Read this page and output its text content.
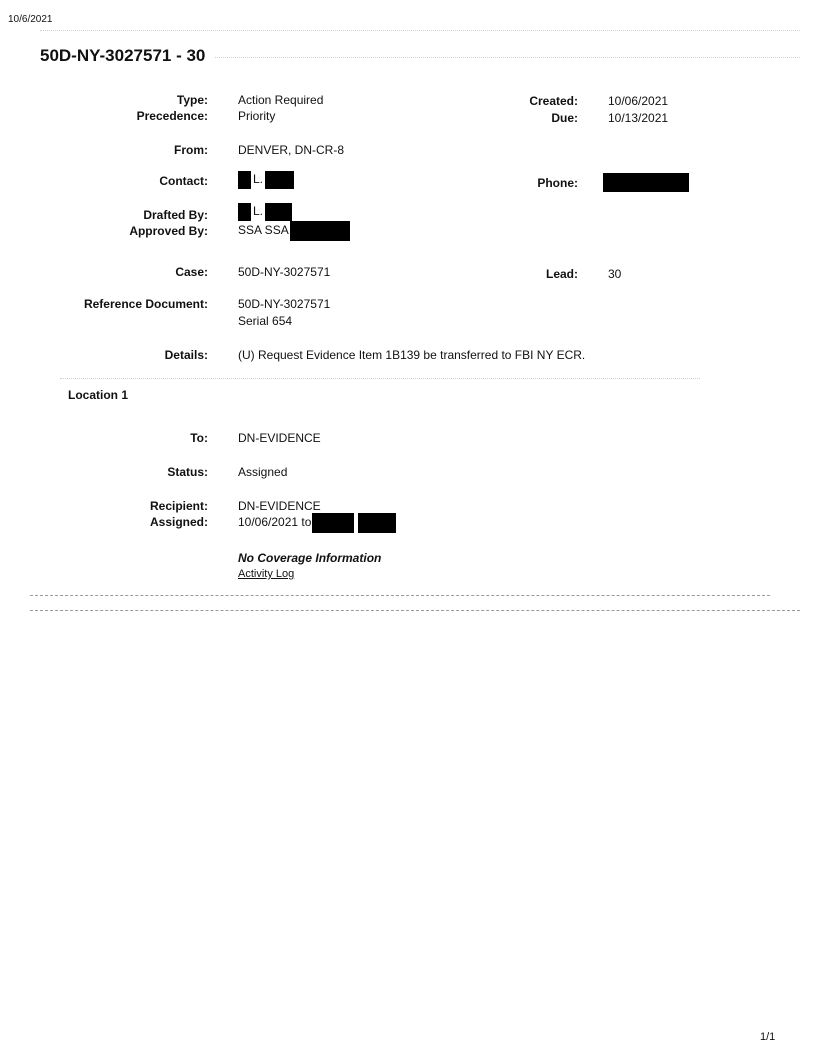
10/6/2021
50D-NY-3027571 - 30
Type:	Action Required
Precedence:	Priority
Created:	10/06/2021
Due:	10/13/2021
From:	DENVER, DN-CR-8
Contact:	L.	Phone:
Drafted By:	L.
Approved By:	SSA SSA
Case:	50D-NY-3027571	Lead:	30
Reference Document:	50D-NY-3027571
Serial 654
Details:	(U) Request Evidence Item 1B139 be transferred to FBI NY ECR.
Location 1
To:	DN-EVIDENCE
Status:	Assigned
Recipient:	DN-EVIDENCE
Assigned:	10/06/2021 to
No Coverage Information
Activity Log
1/1
